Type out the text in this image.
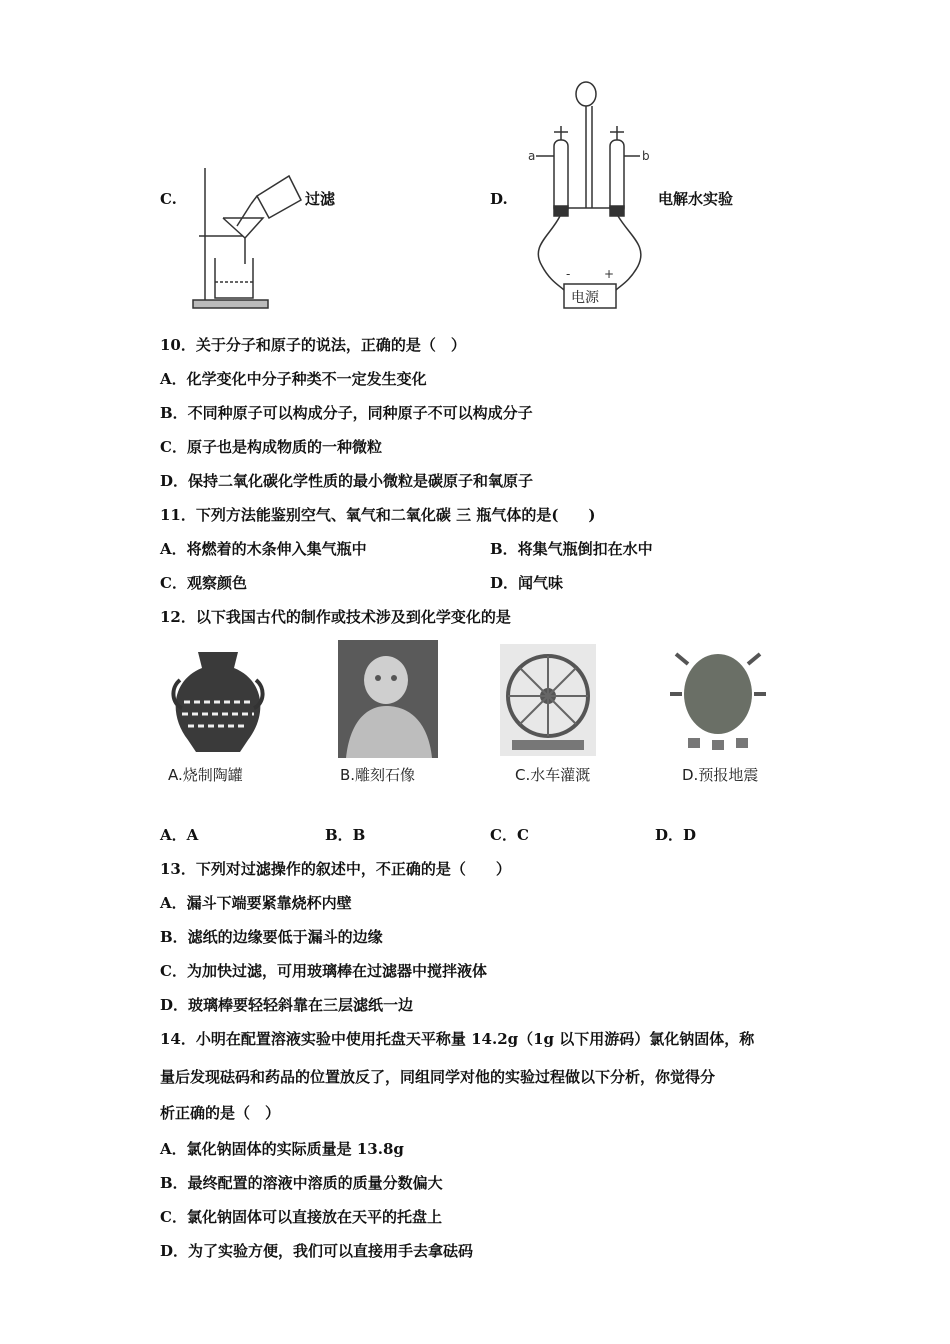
C.	过滤	D.
a	b
-	+
电源
电解水实验
10．关于分子和原子的说法，正确的是（　）
A．化学变化中分子种类不一定发生变化
B．不同种原子可以构成分子，同种原子不可以构成分子
C．原子也是构成物质的一种微粒
D．保持二氧化碳化学性质的最小微粒是碳原子和氧原子
11．下列方法能鉴别空气、氧气和二氧化碳 三 瓶气体的是(　　)
A．将燃着的木条伸入集气瓶中	B．将集气瓶倒扣在水中
C．观察颜色	D．闻气味
12．以下我国古代的制作或技术涉及到化学变化的是
A.烧制陶罐	B.雕刻石像	C.水车灌溉	D.预报地震
A．A	B．B	C．C	D．D
13．下列对过滤操作的叙述中，不正确的是（　　）
A．漏斗下端要紧靠烧杯内壁
B．滤纸的边缘要低于漏斗的边缘
C．为加快过滤，可用玻璃棒在过滤器中搅拌液体
D．玻璃棒要轻轻斜靠在三层滤纸一边
14．小明在配置溶液实验中使用托盘天平称量 14.2g（1g 以下用游码）氯化钠固体，称
量后发现砝码和药品的位置放反了，同组同学对他的实验过程做以下分析，你觉得分
析正确的是（　）
A．氯化钠固体的实际质量是 13.8g
B．最终配置的溶液中溶质的质量分数偏大
C．氯化钠固体可以直接放在天平的托盘上
D．为了实验方便，我们可以直接用手去拿砝码
